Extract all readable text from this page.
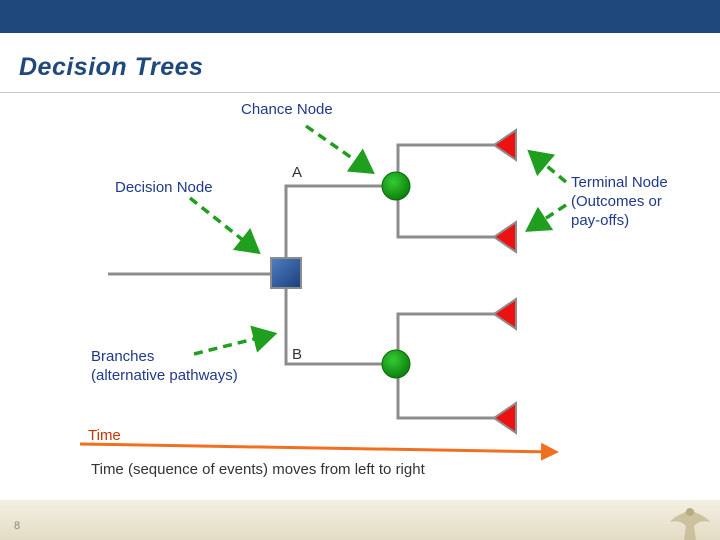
Decision Trees
Chance Node
Decision Node	Terminal Node
(Outcomes or
pay-offs)
Branches
(alternative pathways)
A
B
Time
Time (sequence of events) moves from left to right
8
